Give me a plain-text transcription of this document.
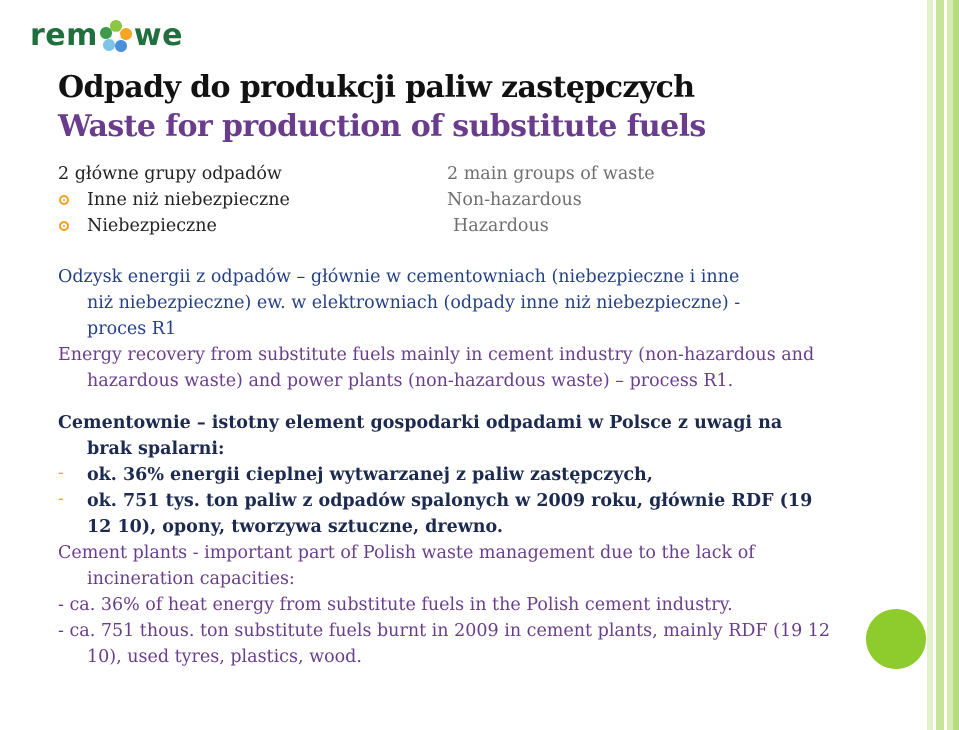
rem we
Odpady do produkcji paliw zastępczych
Waste for production of substitute fuels
2 główne grupy odpadów	2 main groups of waste
Inne niż niebezpieczne	Non-hazardous
Niebezpieczne	Hazardous
Odzysk energii z odpadów – głównie w cementowniach (niebezpieczne i inne
niż niebezpieczne) ew. w elektrowniach (odpady inne niż niebezpieczne) -
proces R1
Energy recovery from substitute fuels mainly in cement industry (non-hazardous and
hazardous waste) and power plants (non-hazardous waste) – process R1.
Cementownie – istotny element gospodarki odpadami w Polsce z uwagi na
brak spalarni:
- ok. 36% energii cieplnej wytwarzanej z paliw zastępczych,
- ok. 751 tys. ton paliw z odpadów spalonych w 2009 roku, głównie RDF (19
12 10), opony, tworzywa sztuczne, drewno.
Cement plants - important part of Polish waste management due to the lack of
incineration capacities:
- ca. 36% of heat energy from substitute fuels in the Polish cement industry.
- ca. 751 thous. ton substitute fuels burnt in 2009 in cement plants, mainly RDF (19 12
10), used tyres, plastics, wood.
